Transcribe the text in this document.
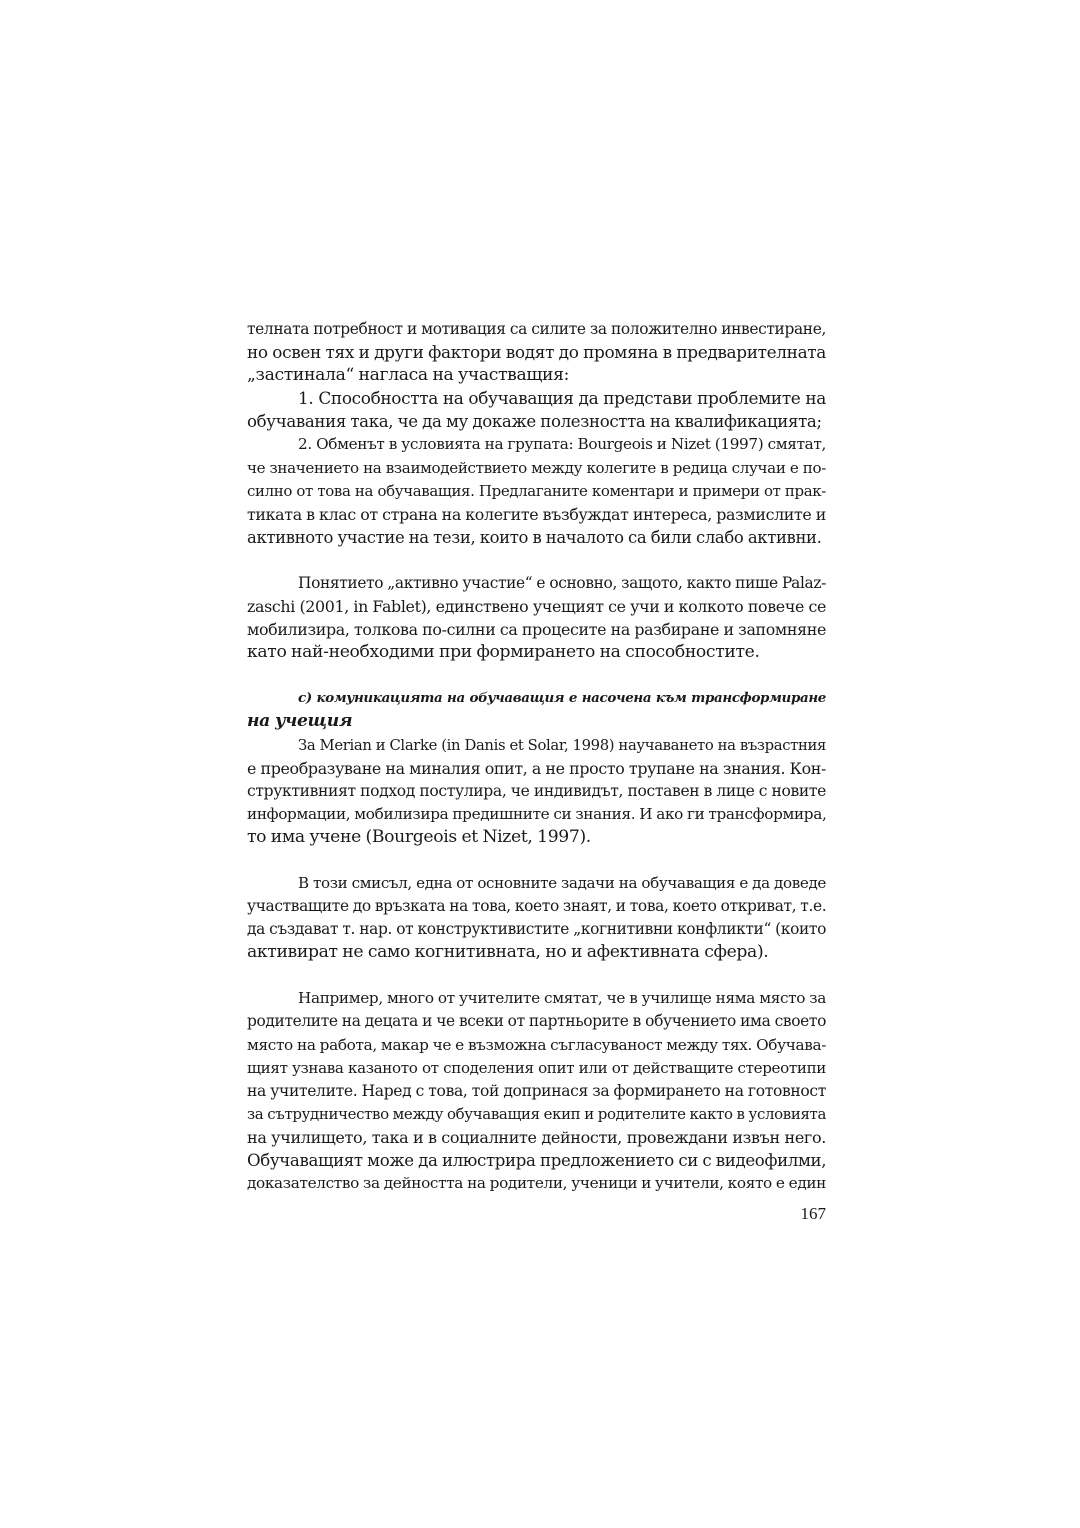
телната потребност и мотивация са силите за положително инвестиране,
но освен тях и други фактори водят до промяна в предварителната
„застинала“ нагласа на участващия:
1. Способността на обучаващия да представи проблемите на
обучавания така, че да му докаже полезността на квалификацията;
2. Обменът в условията на групата: Bourgeois и Nizet (1997) смятат,
че значението на взаимодействието между колегите в редица случаи е по-
силно от това на обучаващия. Предлаганите коментари и примери от прак-
тиката в клас от страна на колегите възбуждат интереса, размислите и
активното участие на тези, които в началото са били слабо активни.
Понятието „активно участие“ е основно, защото, както пише Palaz-
zaschi (2001, in Fablet), единствено учещият се учи и колкото повече се
мобилизира, толкова по-силни са процесите на разбиране и запомняне
като най-необходими при формирането на способностите.
c) комуникацията на обучаващия е насочена към трансформиране
на учещия
За Merian и Clarke (in Danis et Solar, 1998) научаването на възрастния
е преобразуване на миналия опит, а не просто трупане на знания. Кон-
структивният подход постулира, че индивидът, поставен в лице с новите
информации, мобилизира предишните си знания. И ако ги трансформира,
то има учене (Bourgeois et Nizet, 1997).
В този смисъл, една от основните задачи на обучаващия е да доведе
участващите до връзката на това, което знаят, и това, което откриват, т.е.
да създават т. нар. от конструктивистите „когнитивни конфликти“ (които
активират не само когнитивната, но и афективната сфера).
Например, много от учителите смятат, че в училище няма място за
родителите на децата и че всеки от партньорите в обучението има своето
място на работа, макар че е възможна съгласуваност между тях. Обучава-
щият узнава казаното от споделения опит или от действащите стереотипи
на учителите. Наред с това, той допринася за формирането на готовност
за сътрудничество между обучаващия екип и родителите както в условията
на училището, така и в социалните дейности, провеждани извън него.
Обучаващият може да илюстрира предложението си с видеофилми,
доказателство за дейността на родители, ученици и учители, която е един
167
